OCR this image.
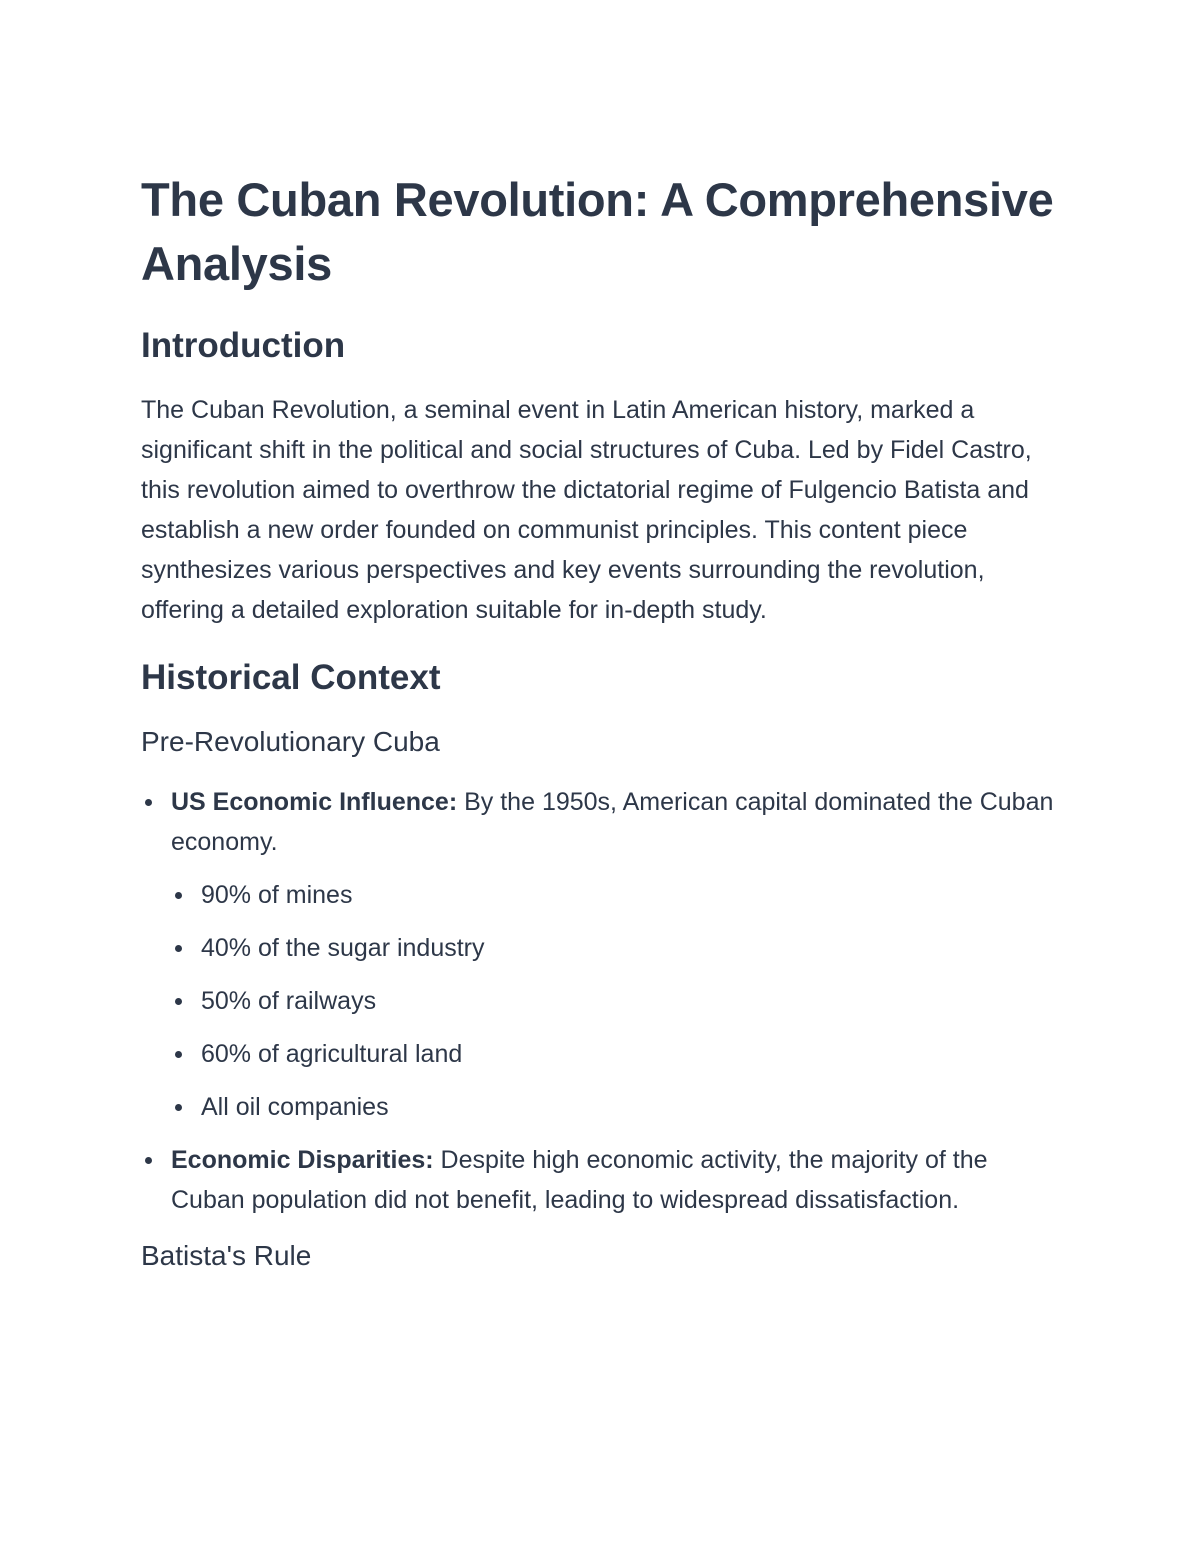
The Cuban Revolution: A Comprehensive Analysis
Introduction

The Cuban Revolution, a seminal event in Latin American history, marked a significant shift in the political and social structures of Cuba. Led by Fidel Castro, this revolution aimed to overthrow the dictatorial regime of Fulgencio Batista and establish a new order founded on communist principles. This content piece synthesizes various perspectives and key events surrounding the revolution, offering a detailed exploration suitable for in-depth study.

Historical Context
Pre-Revolutionary Cuba
US Economic Influence: By the 1950s, American capital dominated the Cuban economy.
90% of mines
40% of the sugar industry
50% of railways
60% of agricultural land
All oil companies
Economic Disparities: Despite high economic activity, the majority of the Cuban population did not benefit, leading to widespread dissatisfaction.
Batista's Rule
